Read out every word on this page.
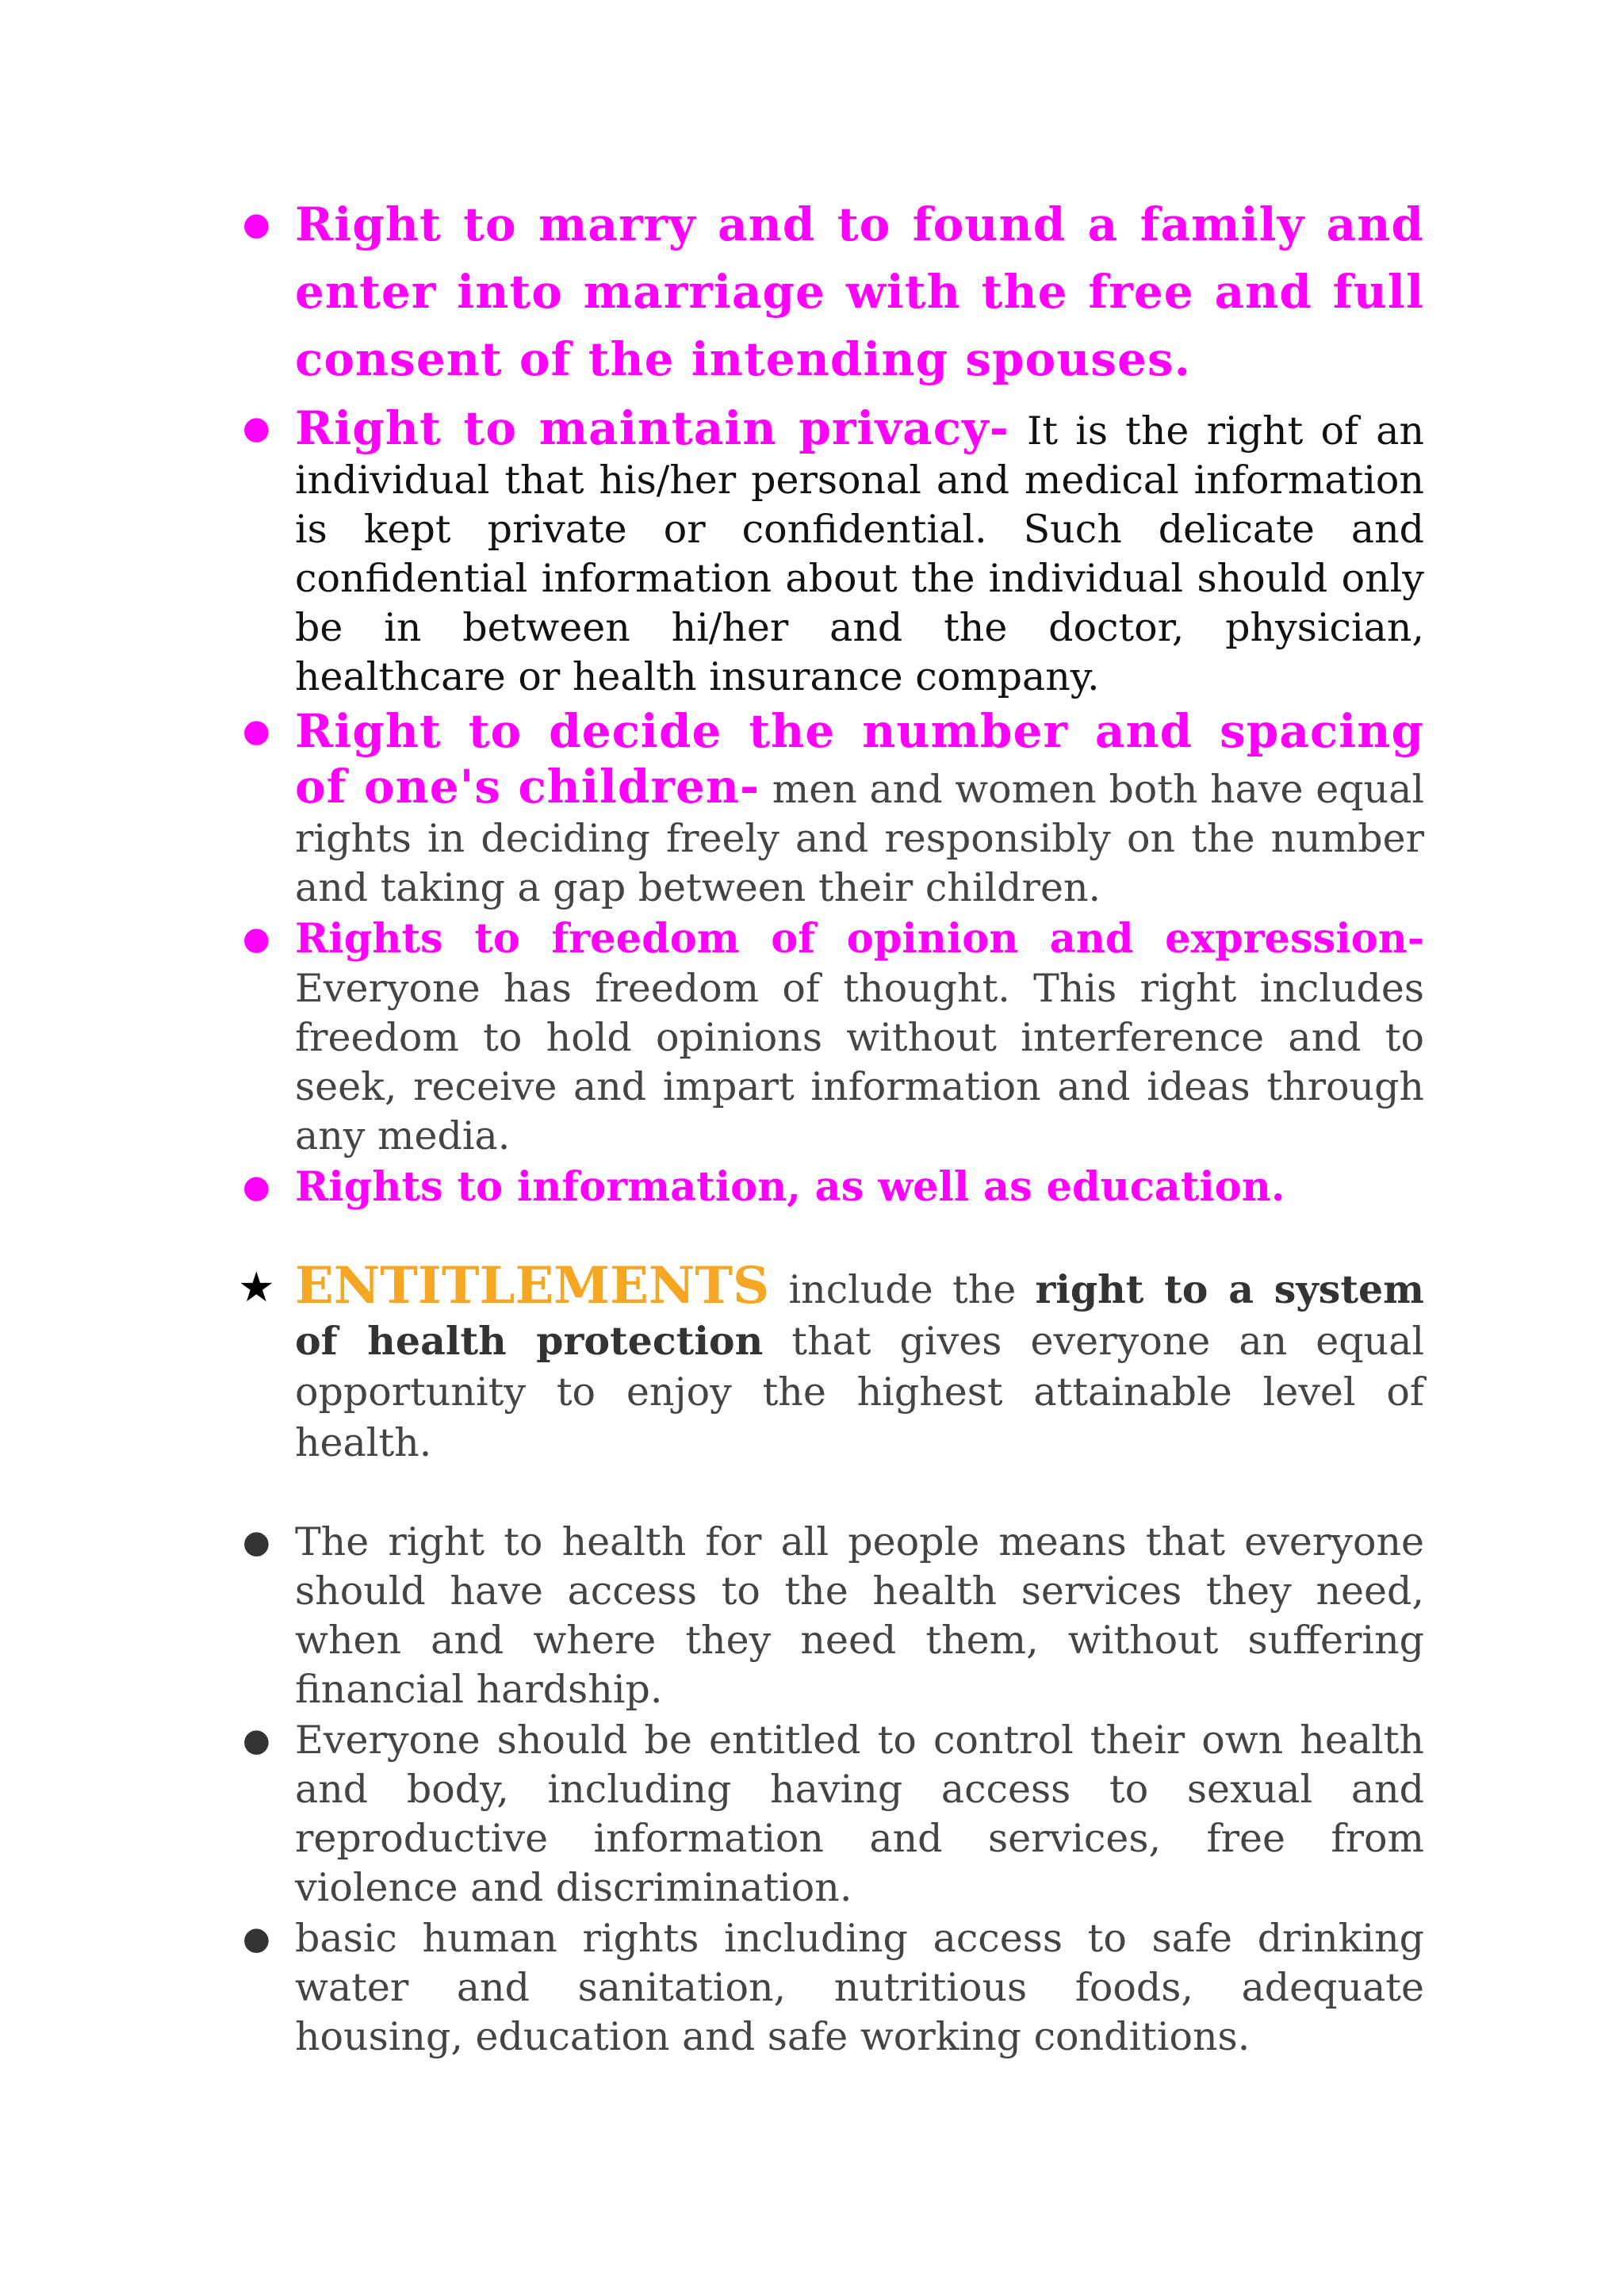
● Right to marry and to found a family and enter into marriage with the free and full consent of the intending spouses.
● Right to maintain privacy- It is the right of an individual that his/her personal and medical information is kept private or confidential. Such delicate and confidential information about the individual should only be in between hi/her and the doctor, physician, healthcare or health insurance company.
● Right to decide the number and spacing of one's children- men and women both have equal rights in deciding freely and responsibly on the number and taking a gap between their children.
● Rights to freedom of opinion and expression- Everyone has freedom of thought. This right includes freedom to hold opinions without interference and to seek, receive and impart information and ideas through any media.
● Rights to information, as well as education.
★ ENTITLEMENTS include the right to a system of health protection that gives everyone an equal opportunity to enjoy the highest attainable level of health.
● The right to health for all people means that everyone should have access to the health services they need, when and where they need them, without suffering financial hardship.
● Everyone should be entitled to control their own health and body, including having access to sexual and reproductive information and services, free from violence and discrimination.
● basic human rights including access to safe drinking water and sanitation, nutritious foods, adequate housing, education and safe working conditions.
